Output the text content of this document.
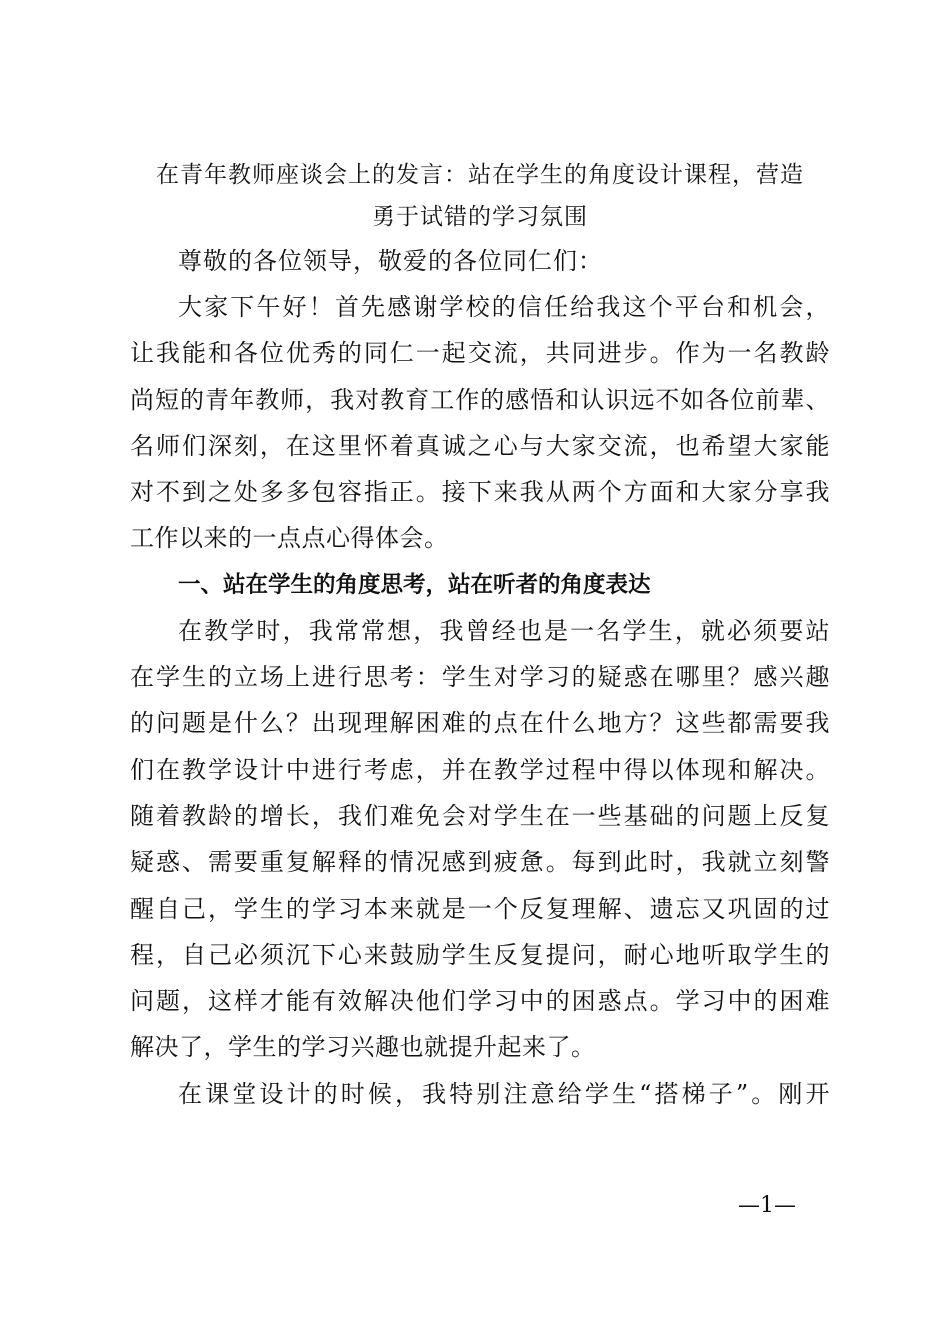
在青年教师座谈会上的发言：站在学生的角度设计课程，营造
勇于试错的学习氛围

尊敬的各位领导，敬爱的各位同仁们：

大家下午好！首先感谢学校的信任给我这个平台和机会，
让我能和各位优秀的同仁一起交流，共同进步。作为一名教龄
尚短的青年教师，我对教育工作的感悟和认识远不如各位前辈、
名师们深刻，在这里怀着真诚之心与大家交流，也希望大家能
对不到之处多多包容指正。接下来我从两个方面和大家分享我
工作以来的一点点心得体会。

一、站在学生的角度思考，站在听者的角度表达

在教学时，我常常想，我曾经也是一名学生，就必须要站
在学生的立场上进行思考：学生对学习的疑惑在哪里？感兴趣
的问题是什么？出现理解困难的点在什么地方？这些都需要我
们在教学设计中进行考虑，并在教学过程中得以体现和解决。
随着教龄的增长，我们难免会对学生在一些基础的问题上反复
疑惑、需要重复解释的情况感到疲惫。每到此时，我就立刻警
醒自己，学生的学习本来就是一个反复理解、遗忘又巩固的过
程，自己必须沉下心来鼓励学生反复提问，耐心地听取学生的
问题，这样才能有效解决他们学习中的困惑点。学习中的困难
解决了，学生的学习兴趣也就提升起来了。

在课堂设计的时候，我特别注意给学生“搭梯子”。刚开

—1—
